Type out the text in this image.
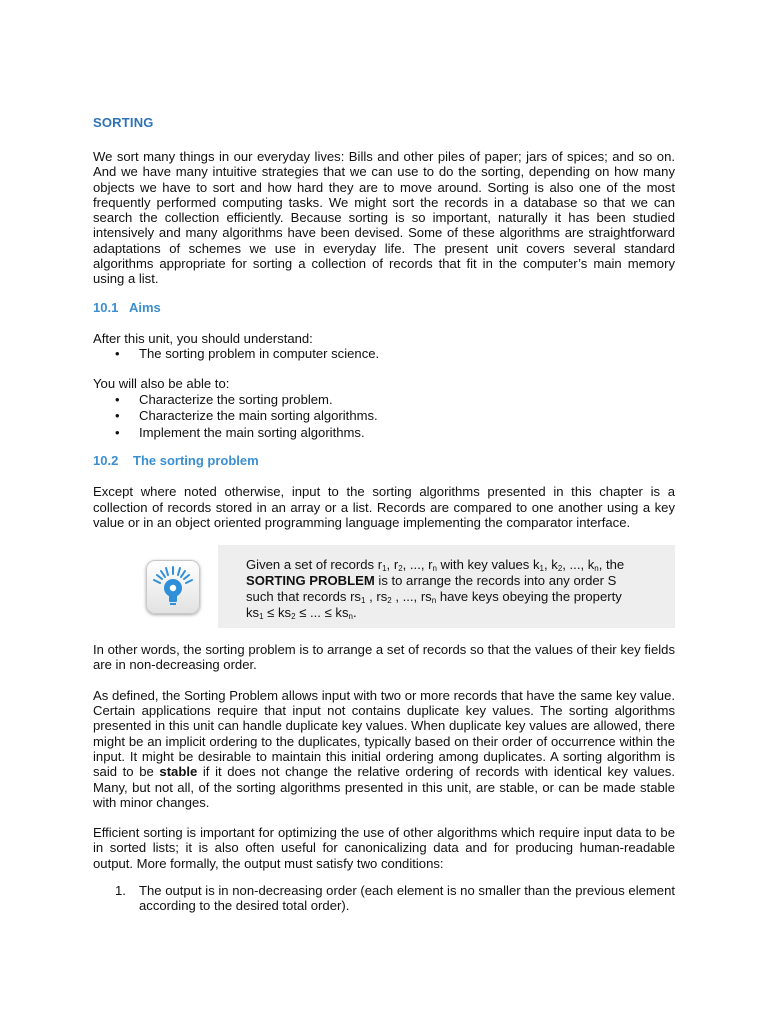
SORTING

We sort many things in our everyday lives: Bills and other piles of paper; jars of spices; and so on. And we have many intuitive strategies that we can use to do the sorting, depending on how many objects we have to sort and how hard they are to move around. Sorting is also one of the most frequently performed computing tasks. We might sort the records in a database so that we can search the collection efficiently. Because sorting is so important, naturally it has been studied intensively and many algorithms have been devised. Some of these algorithms are straightforward adaptations of schemes we use in everyday life. The present unit covers several standard algorithms appropriate for sorting a collection of records that fit in the computer’s main memory using a list.

10.1 Aims

After this unit, you should understand:

• The sorting problem in computer science.

You will also be able to:

• Characterize the sorting problem.
• Characterize the main sorting algorithms.
• Implement the main sorting algorithms.
10.2 The sorting problem

Except where noted otherwise, input to the sorting algorithms presented in this chapter is a collection of records stored in an array or a list. Records are compared to one another using a key value or in an object oriented programming language implementing the comparator interface.

Given a set of records $r_1$, $r_2$, ..., $r_n$ with key values $k_1$, $k_2$, ..., $k_n$, the
SORTING PROBLEM is to arrange the records into any order S
such that records $rs_1$ , $rs_2$ , ..., $rs_n$ have keys obeying the property
$ks_1 \le ks_2$ ≤ ... ≤ $ks_n$.

In other words, the sorting problem is to arrange a set of records so that the values of their key fields are in non-decreasing order.

As defined, the Sorting Problem allows input with two or more records that have the same key value. Certain applications require that input not contains duplicate key values. The sorting algorithms presented in this unit can handle duplicate key values. When duplicate key values are allowed, there might be an implicit ordering to the duplicates, typically based on their order of occurrence within the input. It might be desirable to maintain this initial ordering among duplicates. A sorting algorithm is said to be stable if it does not change the relative ordering of records with identical key values. Many, but not all, of the sorting algorithms presented in this unit, are stable, or can be made stable with minor changes.

Efficient sorting is important for optimizing the use of other algorithms which require input data to be in sorted lists; it is also often useful for canonicalizing data and for producing human-readable output. More formally, the output must satisfy two conditions:

1. The output is in non-decreasing order (each element is no smaller than the previous element according to the desired total order).
